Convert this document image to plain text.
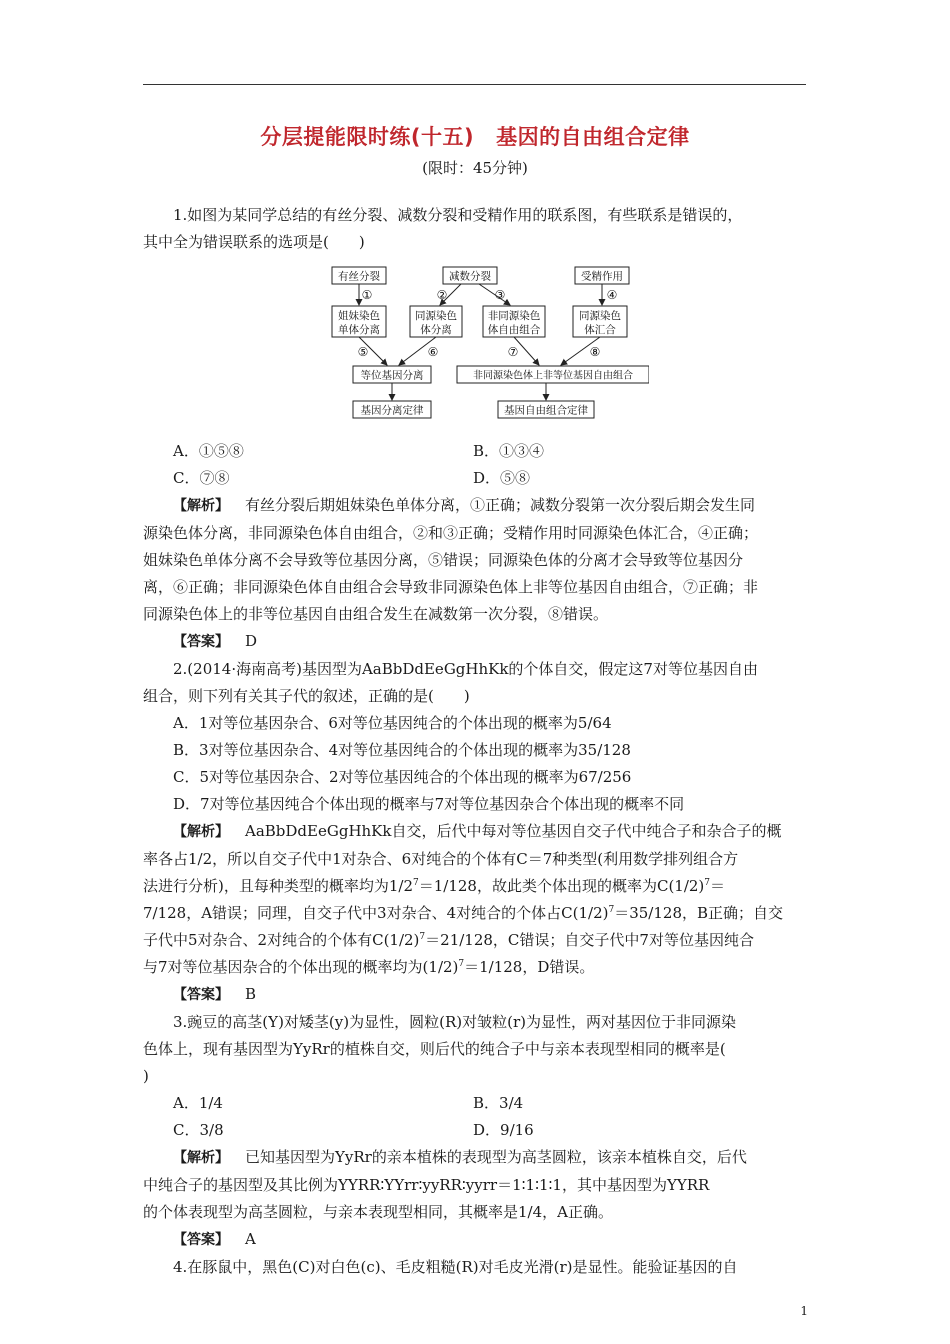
分层提能限时练(十五) 基因的自由组合定律
(限时：45分钟)

1.如图为某同学总结的有丝分裂、减数分裂和受精作用的联系图，有些联系是错误的，

其中全为错误联系的选项是(　　)

有丝分裂	减数分裂	受精作用
姐妹染色
单体分离
同源染色
体分离
非同源染色
体自由组合
同源染色
体汇合
等位基因分离	非同源染色体上非等位基因自由组合
基因分离定律	基因自由组合定律
①	②	③	④
⑤	⑥	⑦	⑧
A．①⑤⑧	B．①③④
C．⑦⑧	D．⑤⑧

【解析】 有丝分裂后期姐妹染色单体分离，①正确；减数分裂第一次分裂后期会发生同

源染色体分离，非同源染色体自由组合，②和③正确；受精作用时同源染色体汇合，④正确；

姐妹染色单体分离不会导致等位基因分离，⑤错误；同源染色体的分离才会导致等位基因分

离，⑥正确；非同源染色体自由组合会导致非同源染色体上非等位基因自由组合，⑦正确；非

同源染色体上的非等位基因自由组合发生在减数第一次分裂，⑧错误。

【答案】 D

2.(2014·海南高考)基因型为AaBbDdEeGgHhKk的个体自交，假定这7对等位基因自由

组合，则下列有关其子代的叙述，正确的是(　　)

A．1对等位基因杂合、6对等位基因纯合的个体出现的概率为5/64

B．3对等位基因杂合、4对等位基因纯合的个体出现的概率为35/128

C．5对等位基因杂合、2对等位基因纯合的个体出现的概率为67/256

D．7对等位基因纯合个体出现的概率与7对等位基因杂合个体出现的概率不同

【解析】 AaBbDdEeGgHhKk自交，后代中每对等位基因自交子代中纯合子和杂合子的概

率各占1/2，所以自交子代中1对杂合、6对纯合的个体有C＝7种类型(利用数学排列组合方

法进行分析)，且每种类型的概率均为$1/2^7=1/128$，故此类个体出现的概率为$C(1/2)^7=$

7/128，A错误；同理，自交子代中3对杂合、4对纯合的个体占$C(1/2)^7=35/128$，B正确；自交

子代中5对杂合、2对纯合的个体有$C(1/2)^7=21/128$，C错误；自交子代中7对等位基因纯合

与7对等位基因杂合的个体出现的概率均为$(1/2)^7=1/128$，D错误。

【答案】 B

3.豌豆的高茎(Y)对矮茎(y)为显性，圆粒(R)对皱粒(r)为显性，两对基因位于非同源染

色体上，现有基因型为YyRr的植株自交，则后代的纯合子中与亲本表现型相同的概率是(

)

A．1/4	B．3/4
C．3/8	D．9/16

【解析】 已知基因型为YyRr的亲本植株的表现型为高茎圆粒，该亲本植株自交，后代

中纯合子的基因型及其比例为YYRR∶YYrr∶yyRR∶yyrr＝1∶1∶1∶1，其中基因型为YYRR

的个体表现型为高茎圆粒，与亲本表现型相同，其概率是1/4，A正确。

【答案】 A

4.在豚鼠中，黑色(C)对白色(c)、毛皮粗糙(R)对毛皮光滑(r)是显性。能验证基因的自

1
